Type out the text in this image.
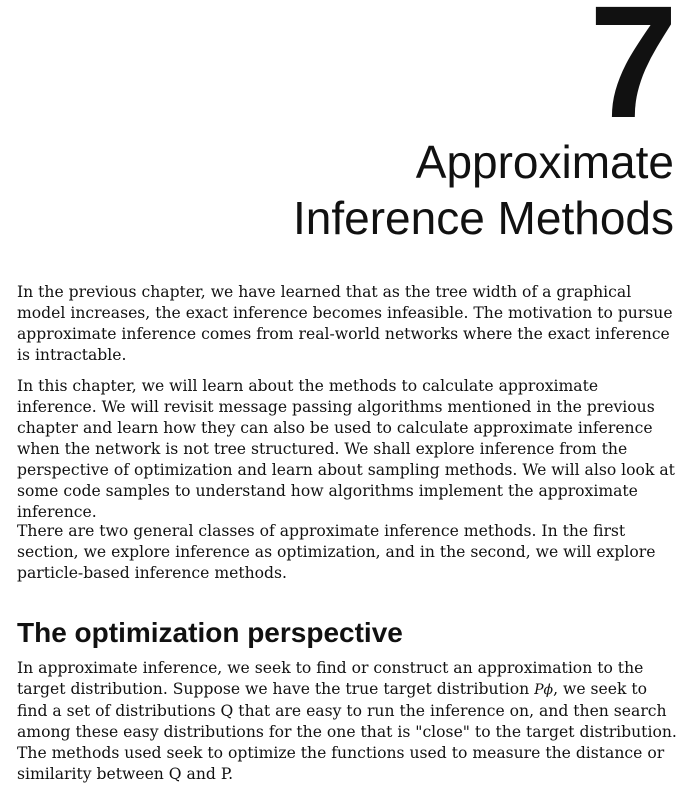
7
Approximate
Inference Methods

In the previous chapter, we have learned that as the tree width of a graphical model increases, the exact inference becomes infeasible. The motivation to pursue approximate inference comes from real-world networks where the exact inference is intractable.

In this chapter, we will learn about the methods to calculate approximate inference. We will revisit message passing algorithms mentioned in the previous chapter and learn how they can also be used to calculate approximate inference when the network is not tree structured. We shall explore inference from the perspective of optimization and learn about sampling methods. We will also look at some code samples to understand how algorithms implement the approximate inference.

There are two general classes of approximate inference methods. In the first section, we explore inference as optimization, and in the second, we will explore particle-based inference methods.

The optimization perspective

In approximate inference, we seek to find or construct an approximation to the target distribution. Suppose we have the true target distribution Pϕ, we seek to find a set of distributions Q that are easy to run the inference on, and then search among these easy distributions for the one that is "close" to the target distribution. The methods used seek to optimize the functions used to measure the distance or similarity between Q and P.
